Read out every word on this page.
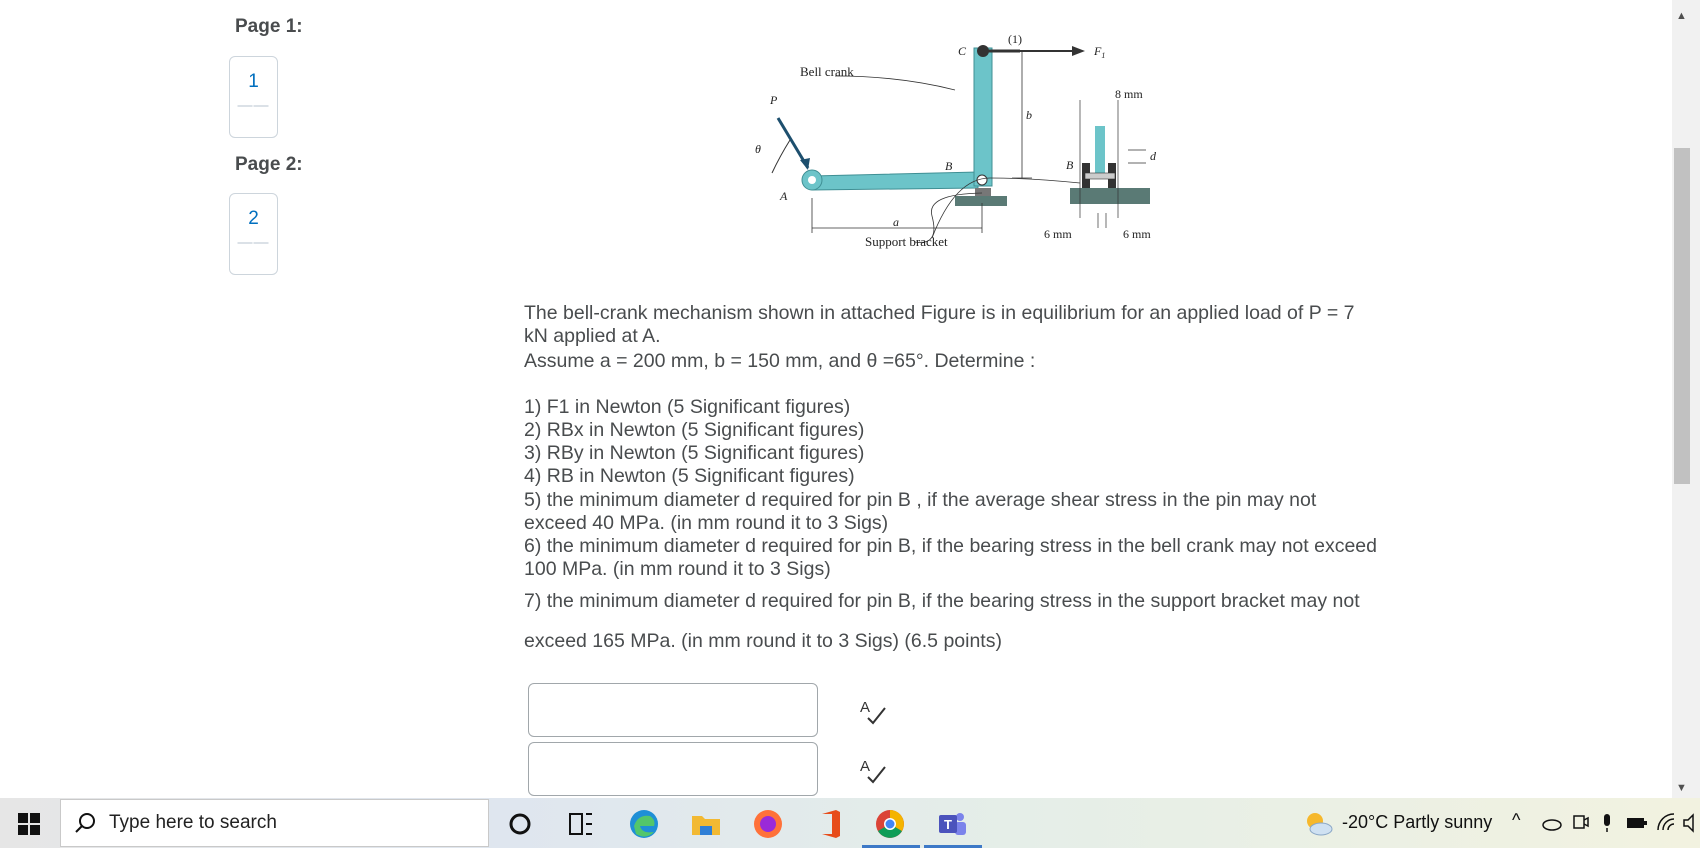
Page 1:
1
——
Page 2:
2
——
Bell crank
Support bracket
P
θ
A
B
C
a
b
(1)
$F_1$
8 mm
d
B
6 mm	6 mm
The bell-crank mechanism shown in attached Figure is in equilibrium for an applied load of P = 7
kN applied at A.
Assume a = 200 mm, b = 150 mm, and θ =65°. Determine :
1) F1 in Newton (5 Significant figures)
2) RBx in Newton (5 Significant figures)
3) RBy in Newton (5 Significant figures)
4) RB in Newton (5 Significant figures)
5) the minimum diameter d required for pin B , if the average shear stress in the pin may not
exceed 40 MPa. (in mm round it to 3 Sigs)
6) the minimum diameter d required for pin B, if the bearing stress in the bell crank may not exceed
100 MPa. (in mm round it to 3 Sigs)
7) the minimum diameter d required for pin B, if the bearing stress in the support bracket may not
exceed 165 MPa. (in mm round it to 3 Sigs) (6.5 points)
A
A
▲
▼
Type here to search	T	-20°C Partly sunny ^
